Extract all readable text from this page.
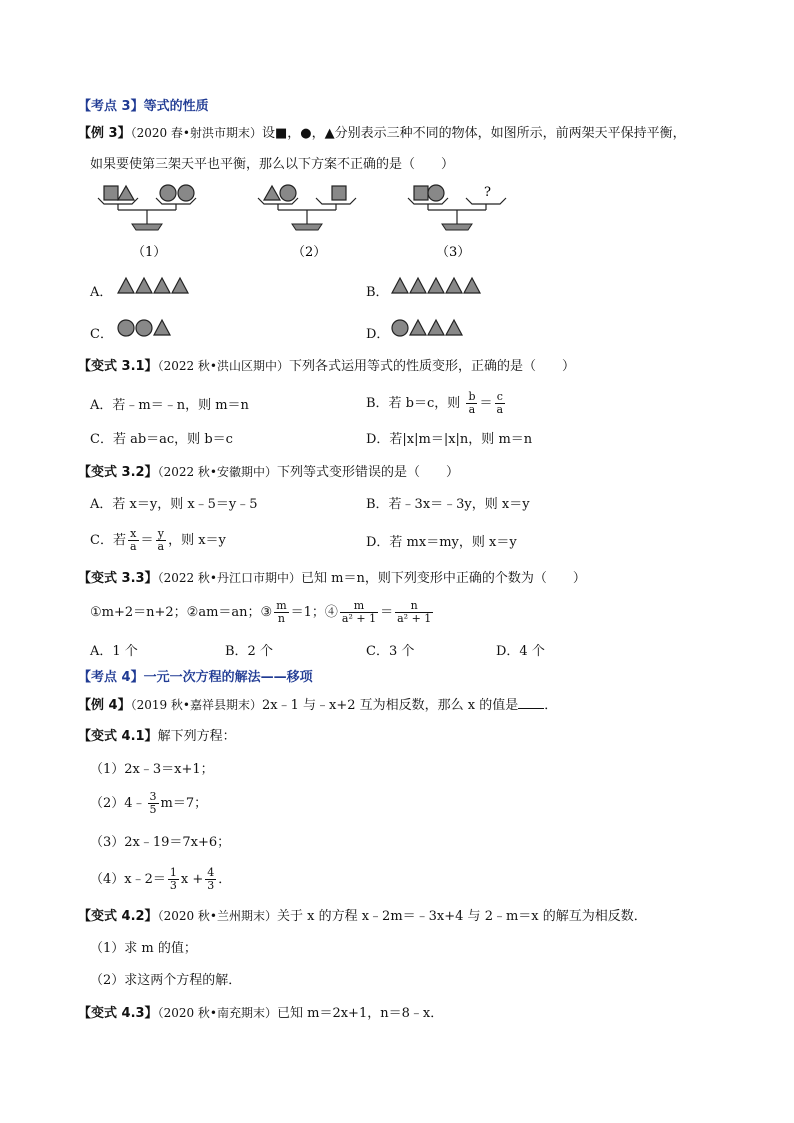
【考点 3】等式的性质
【例 3】（2020 春•射洪市期末）设■，●，▲分别表示三种不同的物体，如图所示，前两架天平保持平衡，
如果要使第三架天平也平衡，那么以下方案不正确的是（　　）
（1）	（2）
?
（3）
A．	B．
C．	D．
【变式 3.1】（2022 秋•洪山区期中）下列各式运用等式的性质变形，正确的是（　　）
A．若﹣m＝﹣n，则 m＝n	B．若 b＝c，则 $\frac{b}{a} = \frac{c}{a}$
C．若 ab＝ac，则 b＝c	D．若|x|m＝|x|n，则 m＝n
【变式 3.2】（2022 秋•安徽期中）下列等式变形错误的是（　　）
A．若 x＝y，则 x﹣5＝y﹣5	B．若﹣3x＝﹣3y，则 x＝y
C．若 $\frac{x}{a} = \frac{y}{a}$ ，则 x＝y	D．若 mx＝my，则 x＝y
【变式 3.3】（2022 秋•丹江口市期中）已知 m＝n，则下列变形中正确的个数为（　　）
①m+2＝n+2；②am＝an；③ $\frac{m}{n} =1$；④ $\frac{m}{\text{a² + 1}} = \frac{n}{\text{a² + 1}}$
A．1 个	B．2 个	C．3 个	D．4 个
【考点 4】一元一次方程的解法——移项
【例 4】（2019 秋•嘉祥县期末）2x﹣1 与﹣x+2 互为相反数，那么 x 的值是 ．
【变式 4.1】解下列方程：
（1）2x﹣3＝x+1；
（2）4﹣ $\frac{3}{5} m=7$；
（3）2x﹣19＝7x+6；
（4）x﹣2＝ $\frac{1}{3}$ $x + \frac{4}{3}$ ．
【变式 4.2】（2020 秋•兰州期末）关于 x 的方程 x﹣2m＝﹣3x+4 与 2﹣m＝x 的解互为相反数．
（1）求 m 的值；
（2）求这两个方程的解．
【变式 4.3】（2020 秋•南充期末）已知 m＝2x+1，n＝8﹣x．
